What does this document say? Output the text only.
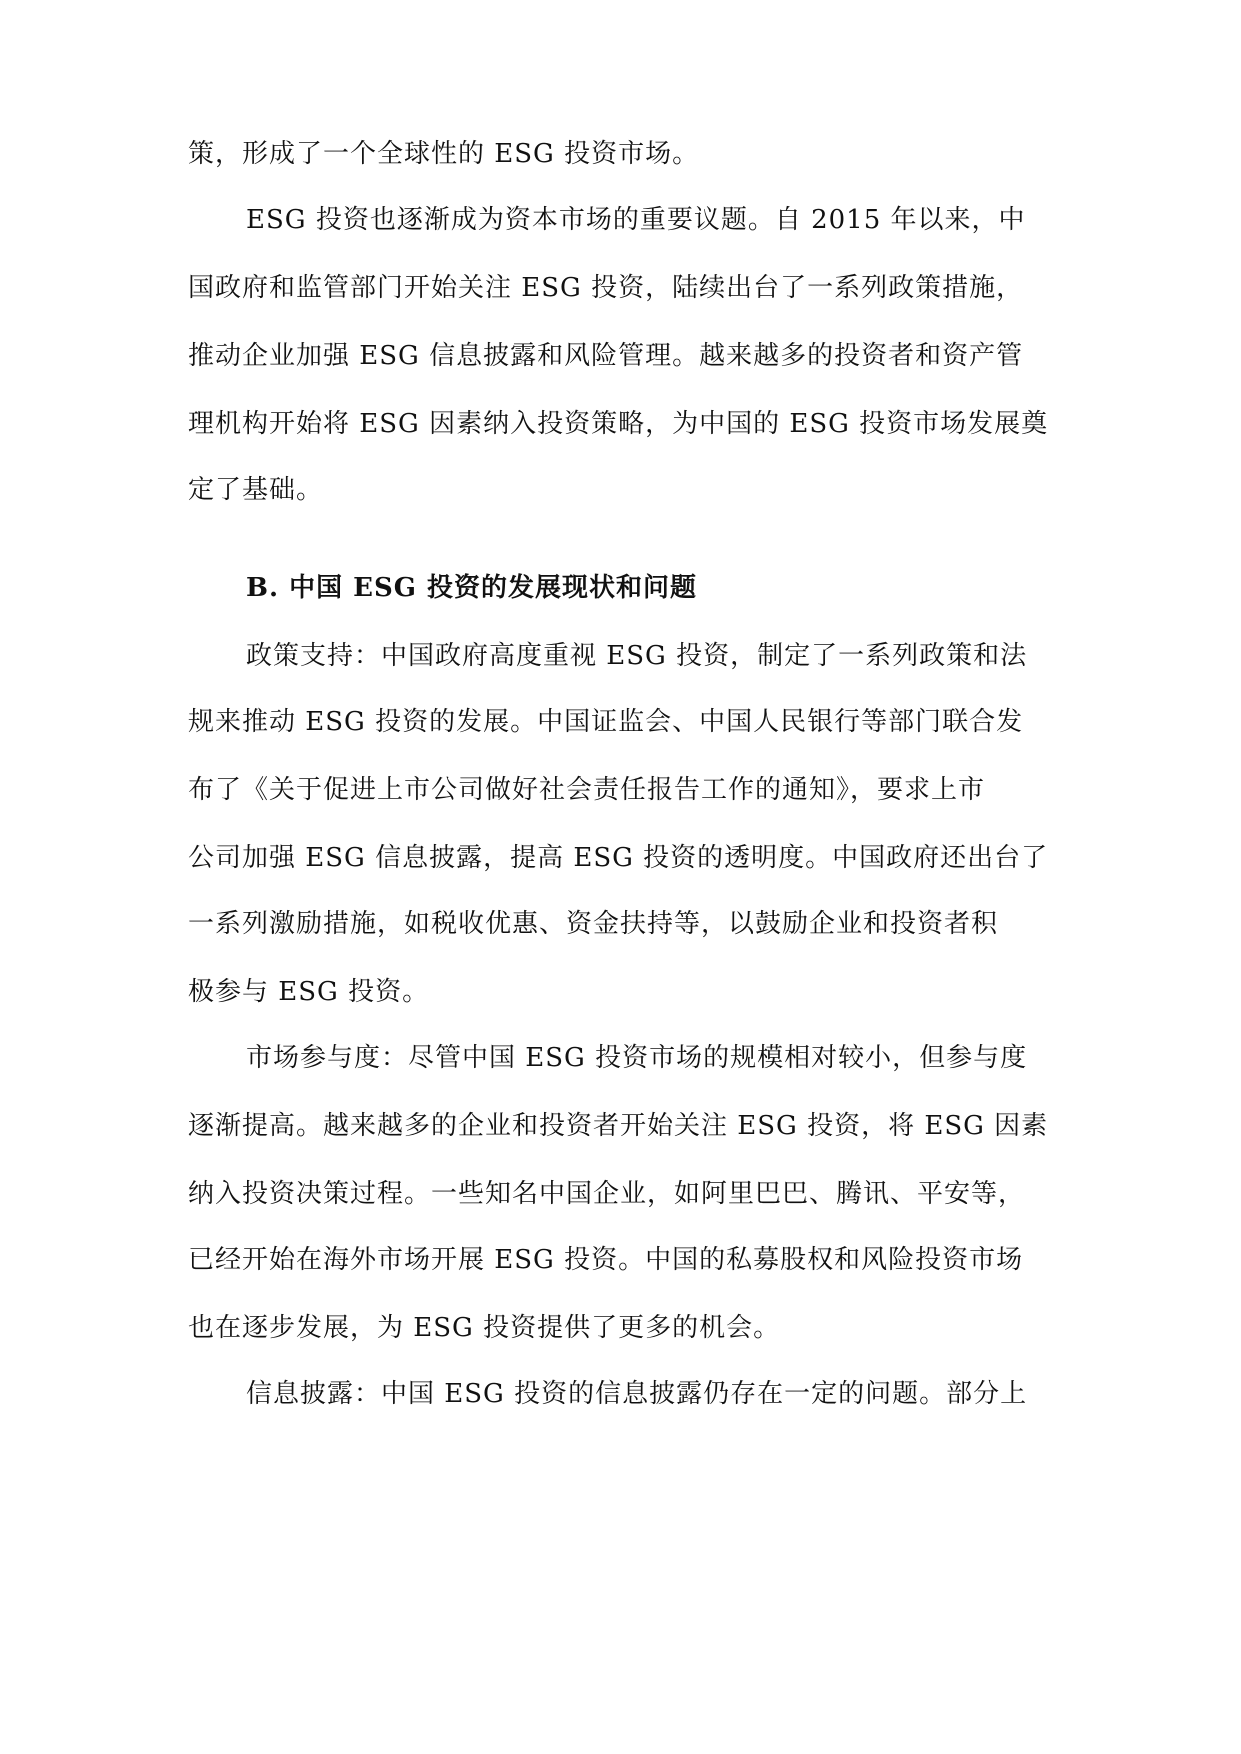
策，形成了一个全球性的 ESG 投资市场。
ESG 投资也逐渐成为资本市场的重要议题。自 2015 年以来，中
国政府和监管部门开始关注 ESG 投资，陆续出台了一系列政策措施，
推动企业加强 ESG 信息披露和风险管理。越来越多的投资者和资产管
理机构开始将 ESG 因素纳入投资策略，为中国的 ESG 投资市场发展奠
定了基础。
B. 中国 ESG 投资的发展现状和问题
政策支持：中国政府高度重视 ESG 投资，制定了一系列政策和法
规来推动 ESG 投资的发展。中国证监会、中国人民银行等部门联合发
布了《关于促进上市公司做好社会责任报告工作的通知》，要求上市
公司加强 ESG 信息披露，提高 ESG 投资的透明度。中国政府还出台了
一系列激励措施，如税收优惠、资金扶持等，以鼓励企业和投资者积
极参与 ESG 投资。
市场参与度：尽管中国 ESG 投资市场的规模相对较小，但参与度
逐渐提高。越来越多的企业和投资者开始关注 ESG 投资，将 ESG 因素
纳入投资决策过程。一些知名中国企业，如阿里巴巴、腾讯、平安等，
已经开始在海外市场开展 ESG 投资。中国的私募股权和风险投资市场
也在逐步发展，为 ESG 投资提供了更多的机会。
信息披露：中国 ESG 投资的信息披露仍存在一定的问题。部分上
